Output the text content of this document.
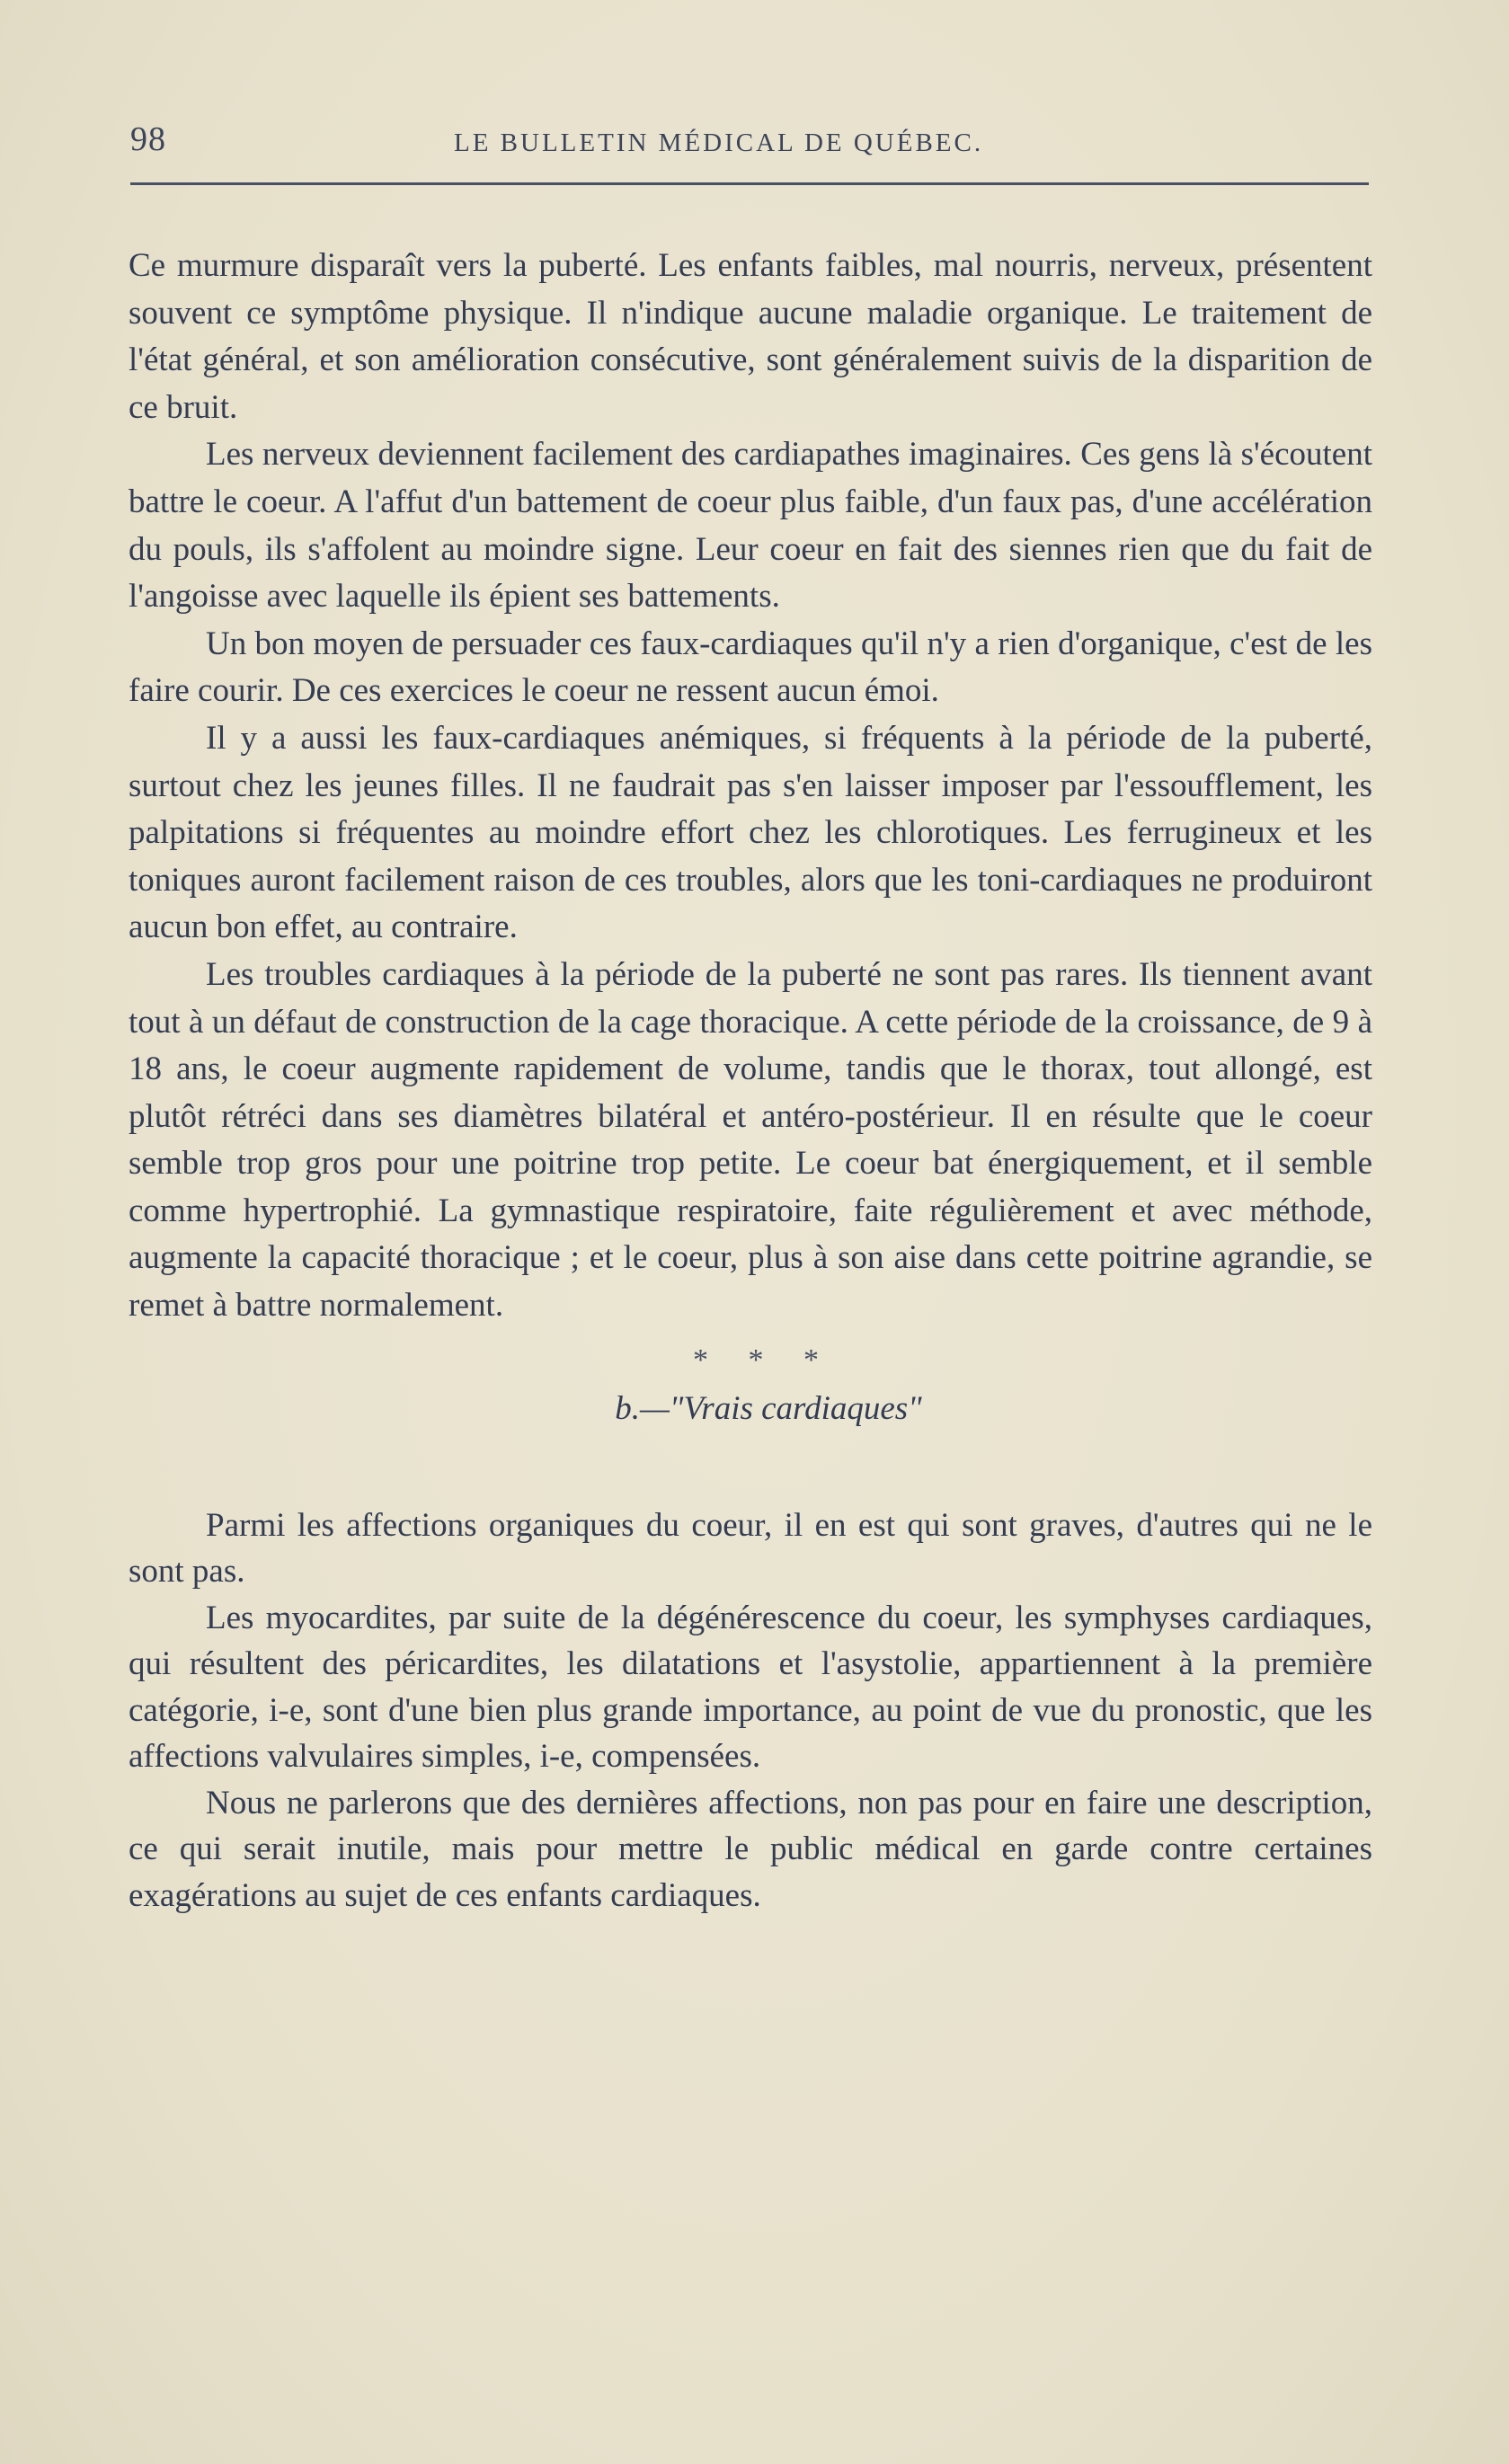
98	LE BULLETIN MÉDICAL DE QUÉBEC.

Ce murmure disparaît vers la puberté. Les enfants faibles, mal nourris, nerveux, présentent souvent ce symptôme physique. Il n'indique aucune maladie organique. Le traitement de l'état général, et son amélioration consécutive, sont généralement suivis de la disparition de ce bruit.

Les nerveux deviennent facilement des cardiapathes imaginaires. Ces gens là s'écoutent battre le coeur. A l'affut d'un battement de coeur plus faible, d'un faux pas, d'une accélération du pouls, ils s'affolent au moindre signe. Leur coeur en fait des siennes rien que du fait de l'angoisse avec laquelle ils épient ses battements.

Un bon moyen de persuader ces faux-cardiaques qu'il n'y a rien d'organique, c'est de les faire courir. De ces exercices le coeur ne ressent aucun émoi.

Il y a aussi les faux-cardiaques anémiques, si fréquents à la période de la puberté, surtout chez les jeunes filles. Il ne faudrait pas s'en laisser imposer par l'essoufflement, les palpitations si fréquentes au moindre effort chez les chlorotiques. Les ferrugineux et les toniques auront facilement raison de ces troubles, alors que les toni-cardiaques ne produiront aucun bon effet, au contraire.

Les troubles cardiaques à la période de la puberté ne sont pas rares. Ils tiennent avant tout à un défaut de construction de la cage thoracique. A cette période de la croissance, de 9 à 18 ans, le coeur augmente rapidement de volume, tandis que le thorax, tout allongé, est plutôt rétréci dans ses diamètres bilatéral et antéro-postérieur. Il en résulte que le coeur semble trop gros pour une poitrine trop petite. Le coeur bat énergiquement, et il semble comme hypertrophié. La gymnastique respiratoire, faite régulièrement et avec méthode, augmente la capacité thoracique ; et le coeur, plus à son aise dans cette poitrine agrandie, se remet à battre normalement.

* * *
b.—"Vrais cardiaques"

Parmi les affections organiques du coeur, il en est qui sont graves, d'autres qui ne le sont pas.

Les myocardites, par suite de la dégénérescence du coeur, les symphyses cardiaques, qui résultent des péricardites, les dilatations et l'asystolie, appartiennent à la première catégorie, i-e, sont d'une bien plus grande importance, au point de vue du pronostic, que les affections valvulaires simples, i-e, compensées.

Nous ne parlerons que des dernières affections, non pas pour en faire une description, ce qui serait inutile, mais pour mettre le public médical en garde contre certaines exagérations au sujet de ces enfants cardiaques.
